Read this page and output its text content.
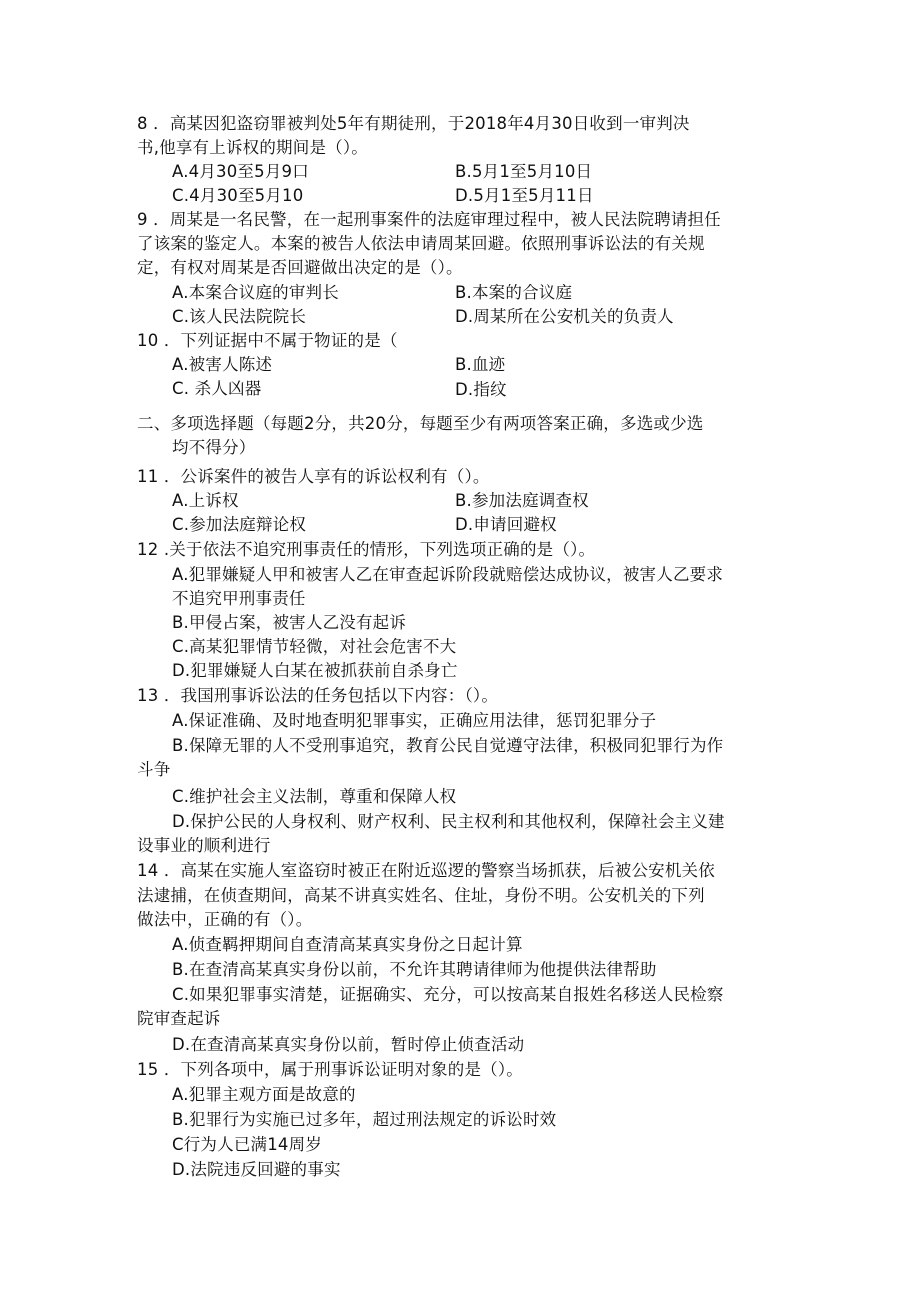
8 ．高某因犯盗窃罪被判处5年有期徒刑，于2018年4月30日收到一审判决
书,他享有上诉权的期间是（）。
A.4月30至5月9口	B.5月1至5月10日
C.4月30至5月10	D.5月1至5月11日
9 ．周某是一名民警，在一起刑事案件的法庭审理过程中，被人民法院聘请担任
了该案的鉴定人。本案的被告人依法申请周某回避。依照刑事诉讼法的有关规
定，有权对周某是否回避做出决定的是（）。
A.本案合议庭的审判长	B.本案的合议庭
C.该人民法院院长	D.周某所在公安机关的负责人
10 ．下列证据中不属于物证的是（
A.被害人陈述	B.血迹
C. 杀人凶器	D.指纹
二、多项选择题（每题2分，共20分，每题至少有两项答案正确，多选或少选
均不得分）
11 ．公诉案件的被告人享有的诉讼权利有（）。
A.上诉权	B.参加法庭调查权
C.参加法庭辩论权	D.申请回避权
12 .关于依法不追究刑事责任的情形，下列选项正确的是（）。
A.犯罪嫌疑人甲和被害人乙在审查起诉阶段就赔偿达成协议，被害人乙要求
不追究甲刑事责任
B.甲侵占案，被害人乙没有起诉
C.高某犯罪情节轻微，对社会危害不大
D.犯罪嫌疑人白某在被抓获前自杀身亡
13 ．我国刑事诉讼法的任务包括以下内容：（）。
A.保证准确、及时地查明犯罪事实，正确应用法律，惩罚犯罪分子
B.保障无罪的人不受刑事追究，教育公民自觉遵守法律，积极同犯罪行为作
斗争
C.维护社会主义法制，尊重和保障人权
D.保护公民的人身权利、财产权利、民主权利和其他权利，保障社会主义建
设事业的顺利进行
14 ．高某在实施人室盗窃时被正在附近巡逻的警察当场抓获，后被公安机关依
法逮捕，在侦查期间，高某不讲真实姓名、住址，身份不明。公安机关的下列
做法中，正确的有（）。
A.侦查羁押期间自查清高某真实身份之日起计算
B.在查清高某真实身份以前，不允许其聘请律师为他提供法律帮助
C.如果犯罪事实清楚，证据确实、充分，可以按高某自报姓名移送人民检察
院审查起诉
D.在查清高某真实身份以前，暂时停止侦查活动
15 ．下列各项中，属于刑事诉讼证明对象的是（）。
A.犯罪主观方面是故意的
B.犯罪行为实施已过多年，超过刑法规定的诉讼时效
C行为人已满14周岁
D.法院违反回避的事实
